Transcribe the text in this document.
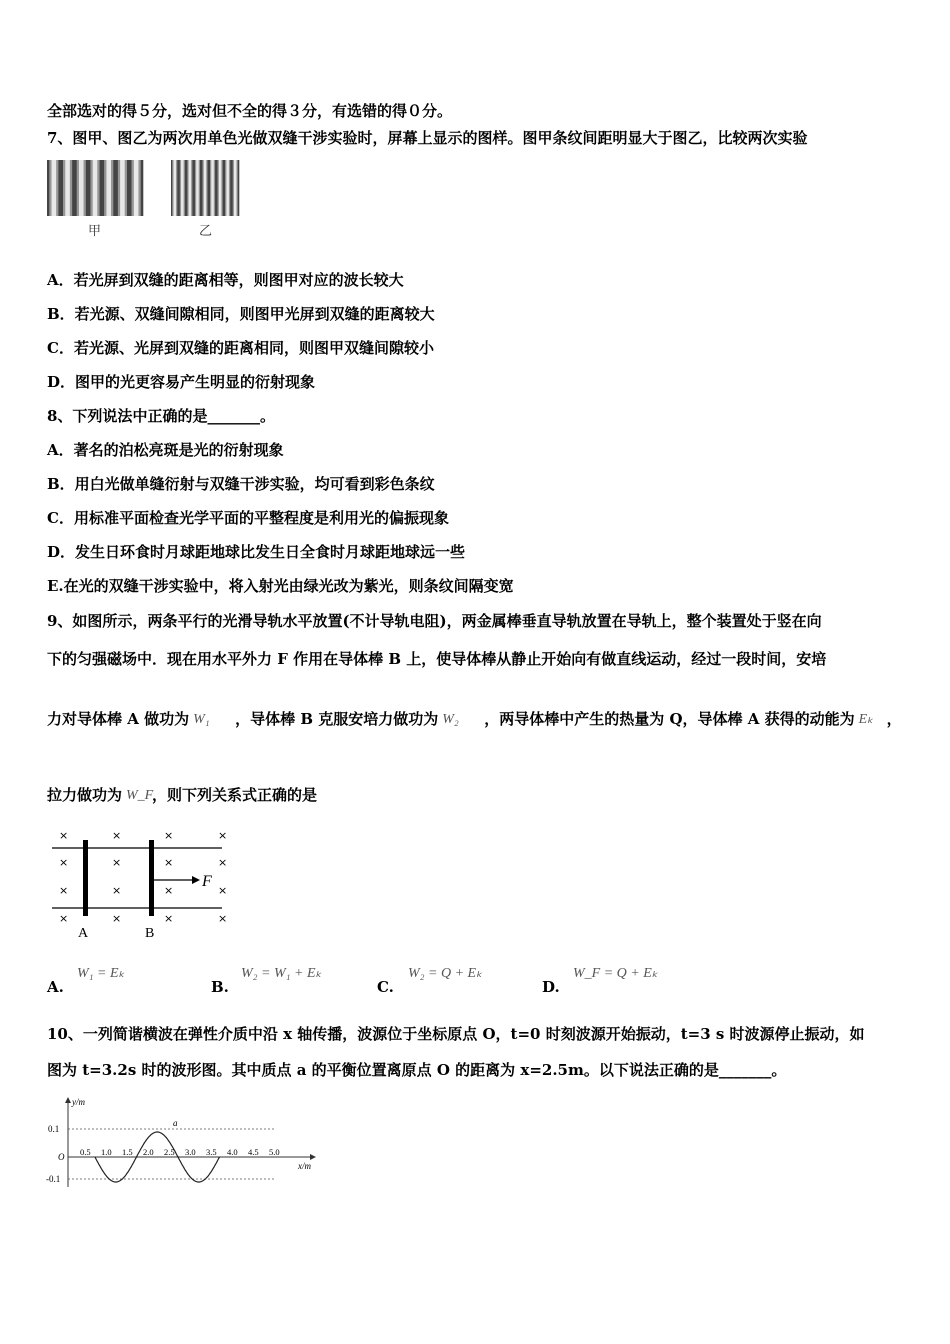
全部选对的得５分，选对但不全的得３分，有选错的得０分。
7、图甲、图乙为两次用单色光做双缝干涉实验时，屏幕上显示的图样。图甲条纹间距明显大于图乙，比较两次实验
甲	乙
A．若光屏到双缝的距离相等，则图甲对应的波长较大
B．若光源、双缝间隙相同，则图甲光屏到双缝的距离较大
C．若光源、光屏到双缝的距离相同，则图甲双缝间隙较小
D．图甲的光更容易产生明显的衍射现象
8、下列说法中正确的是_______。
A．著名的泊松亮斑是光的衍射现象
B．用白光做单缝衍射与双缝干涉实验，均可看到彩色条纹
C．用标准平面检查光学平面的平整程度是利用光的偏振现象
D．发生日环食时月球距地球比发生日全食时月球距地球远一些
E.在光的双缝干涉实验中，将入射光由绿光改为紫光，则条纹间隔变宽
9、如图所示，两条平行的光滑导轨水平放置(不计导轨电阻)，两金属棒垂直导轨放置在导轨上，整个装置处于竖在向
下的匀强磁场中．现在用水平外力 F 作用在导体棒 B 上，使导体棒从静止开始向有做直线运动，经过一段时间，安培
力对导体棒 A 做功为 W₁ ，导体棒 B 克服安培力做功为 W₂ ，两导体棒中产生的热量为 Q，导体棒 A 获得的动能为 Eₖ ，
拉力做功为 W_F
，则下列关系式正确的是
×	×	×	×
×	×	×	×
×	×	×	×
×	×	×	×
F
A	B
A.
W₁ = Eₖ
B.
W₂ = W₁ + Eₖ
C.
W₂ = Q + Eₖ
D.
W_F = Q + Eₖ
10、一列简谐横波在弹性介质中沿 x 轴传播，波源位于坐标原点 O，t=0 时刻波源开始振动，t=3 s 时波源停止振动，如
图为 t=3.2s 时的波形图。其中质点 a 的平衡位置离原点 O 的距离为 x=2.5m。以下说法正确的是_______。
y/m
x/m
0.1
-0.1
O
a
0.5 1.0 1.5 2.0 2.5 3.0 3.5 4.0 4.5 5.0
